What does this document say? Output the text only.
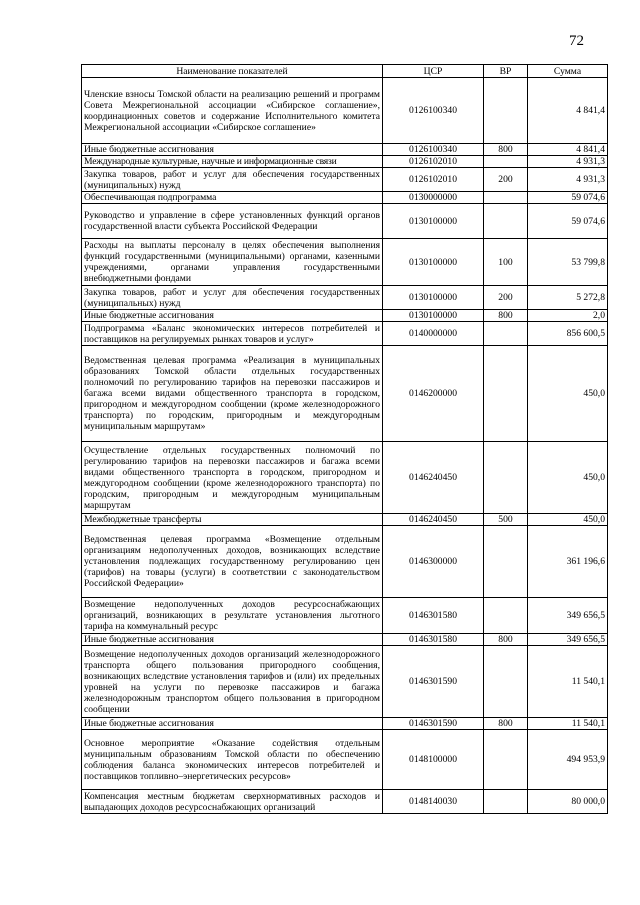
72
Наименование показателей	ЦСР	ВР	Сумма
Членские взносы Томской области на реализацию решений и программ Совета Межрегиональной ассоциации «Сибирское соглашение», координационных советов и содержание Исполнительного комитета Межрегиональной ассоциации «Сибирское соглашение»	0126100340		4 841,4
Иные бюджетные ассигнования	0126100340	800	4 841,4
Международные культурные, научные и информационные связи	0126102010		4 931,3
Закупка товаров, работ и услуг для обеспечения государственных (муниципальных) нужд	0126102010	200	4 931,3
Обеспечивающая подпрограмма	0130000000		59 074,6
Руководство и управление в сфере установленных функций органов государственной власти субъекта Российской Федерации	0130100000		59 074,6
Расходы на выплаты персоналу в целях обеспечения выполнения функций государственными (муниципальными) органами, казенными учреждениями, органами управления государственными внебюджетными фондами	0130100000	100	53 799,8
Закупка товаров, работ и услуг для обеспечения государственных (муниципальных) нужд	0130100000	200	5 272,8
Иные бюджетные ассигнования	0130100000	800	2,0
Подпрограмма «Баланс экономических интересов потребителей и поставщиков на регулируемых рынках товаров и услуг»	0140000000		856 600,5
Ведомственная целевая программа «Реализация в муниципальных образованиях Томской области отдельных государственных полномочий по регулированию тарифов на перевозки пассажиров и багажа всеми видами общественного транспорта в городском, пригородном и междугородном сообщении (кроме железнодорожного транспорта) по городским, пригородным и междугородным муниципальным маршрутам»	0146200000		450,0
Осуществление отдельных государственных полномочий по регулированию тарифов на перевозки пассажиров и багажа всеми видами общественного транспорта в городском, пригородном и междугородном сообщении (кроме железнодорожного транспорта) по городским, пригородным и междугородным муниципальным маршрутам	0146240450		450,0
Межбюджетные трансферты	0146240450	500	450,0
Ведомственная целевая программа «Возмещение отдельным организациям недополученных доходов, возникающих вследствие установления подлежащих государственному регулированию цен (тарифов) на товары (услуги) в соответствии с законодательством Российской Федерации»	0146300000		361 196,6
Возмещение недополученных доходов ресурсоснабжающих организаций, возникающих в результате установления льготного тарифа на коммунальный ресурс	0146301580		349 656,5
Иные бюджетные ассигнования	0146301580	800	349 656,5
Возмещение недополученных доходов организаций железнодорожного транспорта общего пользования пригородного сообщения, возникающих вследствие установления тарифов и (или) их предельных уровней на услуги по перевозке пассажиров и багажа железнодорожным транспортом общего пользования в пригородном сообщении	0146301590		11 540,1
Иные бюджетные ассигнования	0146301590	800	11 540,1
Основное мероприятие «Оказание содействия отдельным муниципальным образованиям Томской области по обеспечению соблюдения баланса экономических интересов потребителей и поставщиков топливно–энергетических ресурсов»	0148100000		494 953,9
Компенсация местным бюджетам сверхнормативных расходов и выпадающих доходов ресурсоснабжающих организаций	0148140030		80 000,0
